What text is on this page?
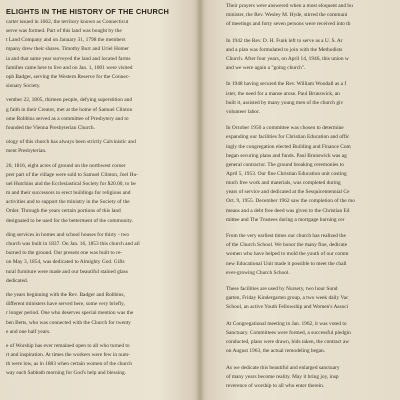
ELIGHTS IN THE HISTORY OF THE CHURCH
carter issued in 1662, the territory known as Connecticut
serve was formed. Part of this land was bought by the
t Land Company and on January 31, 1798 the members
mpany drew their shares. Timothy Burr and Uriel Homer
ia and that same year surveyed the land and located farms
families came here to live and on Jan. 1, 1801 were visited
oph Badger, serving the Western Reserve for the Connec-
sionary Society.
vember 22, 1805, thirteen people, defying superstition and
g faith in their Creator, met at the home of Samuel Clinton
ome Robbins served as a committee of Presbytery and to
founded the Vienna Presbyterian Church.
ology of this church has always been strictly Calvinistic and
ment Presbyterian.
20, 1816, eight acres of ground on the northwest corner
prer part of the village were sold to Samuel Clinton, Joel Hu-
uel Hutchins and the Ecclesiastical Society for $20.00, to be
m and their successors to erect buildings for religious and
activities and to support the ministry in the Society of the
Order. Through the years certain portions of this land
designated to be used for the betterment of the community.
ding services in homes and school houses for thirty - two
church was built in 1837. On Jan. 16, 1853 this church and all
burned to the ground. Our present one was built to re-
on May 3, 1854, was dedicated to Almighty God. Gifts
tural furniture were made and our beautiful stained glass
dedicated.
the years beginning with the Rev. Badger and Robbins,
different ministers have served here, some very briefly,
r longer period. One who deserves special mention was the
ben Betts, who was connected with the Church for twenty
e and one half years.
e of Worship has ever remained open to all who turned to
rt and inspiration. At times the workers were few in num-
th were low, as in 1883 when certain women of the church
way each Sabbath morning for God's help and blessing.
Their prayers were answered when a most eloquent and bu
minister, the Rev. Wesley M. Hyde, stirred the communi
of meetings and forty seven persons were received into th
In 1942 the Rev. D. H. Funk left to serve as a U. S. Ar
and a plan was formulated to join with the Methodists
Church. After four years, on April 14, 1946, this union w
and we were again a "going church".
In 1948 having secured the Rev. William Woodall as a f
ister, the need for a manse arose. Paul Brunswick, an
built it, assisted by many young men of the church giv
volunteer labor.
In October 1950 a committee was chosen to determine
expanding our facilities for Christian Education and offic
ingly the congregation elected Building and Finance Com
began securing plans and funds. Paul Brunswick was ag
general contractor. The ground breaking ceremonies to
April 5, 1953. Our fine Christian Education unit costing
much free work and materials, was completed during
years of service and dedicated at the Sesquicentennial Ce
Oct. 9, 1955. December 1962 saw the completion of the mo
means and a debt free deed was given to the Christian Ed
mittee and The Trustees during a mortgage burning cer
From the very earliest times our church has realized the
of the Church School. We honor the many fine, dedicate
women who have helped to mold the youth of our comm
new Educational Unit made it possible to meet the chall
ever-growing Church School.
These facilities are used by Nursery, two hour Sund
garten, Friday Kindergarten group, a two week daily Vac
School, an active Youth Fellowship and Women's Associ
At Congregational meeting in Jan. 1962, it was voted to
Sanctuary. Committees were formed, a successful pledgin
conducted, plans were drawn, bids taken, the contract aw
on August 1963, the actual remodeling began.
As we dedicate this beautiful and enlarged sanctuary
of many years become reality. May it bring joy, insp
reverence of worship to all who enter therein.
